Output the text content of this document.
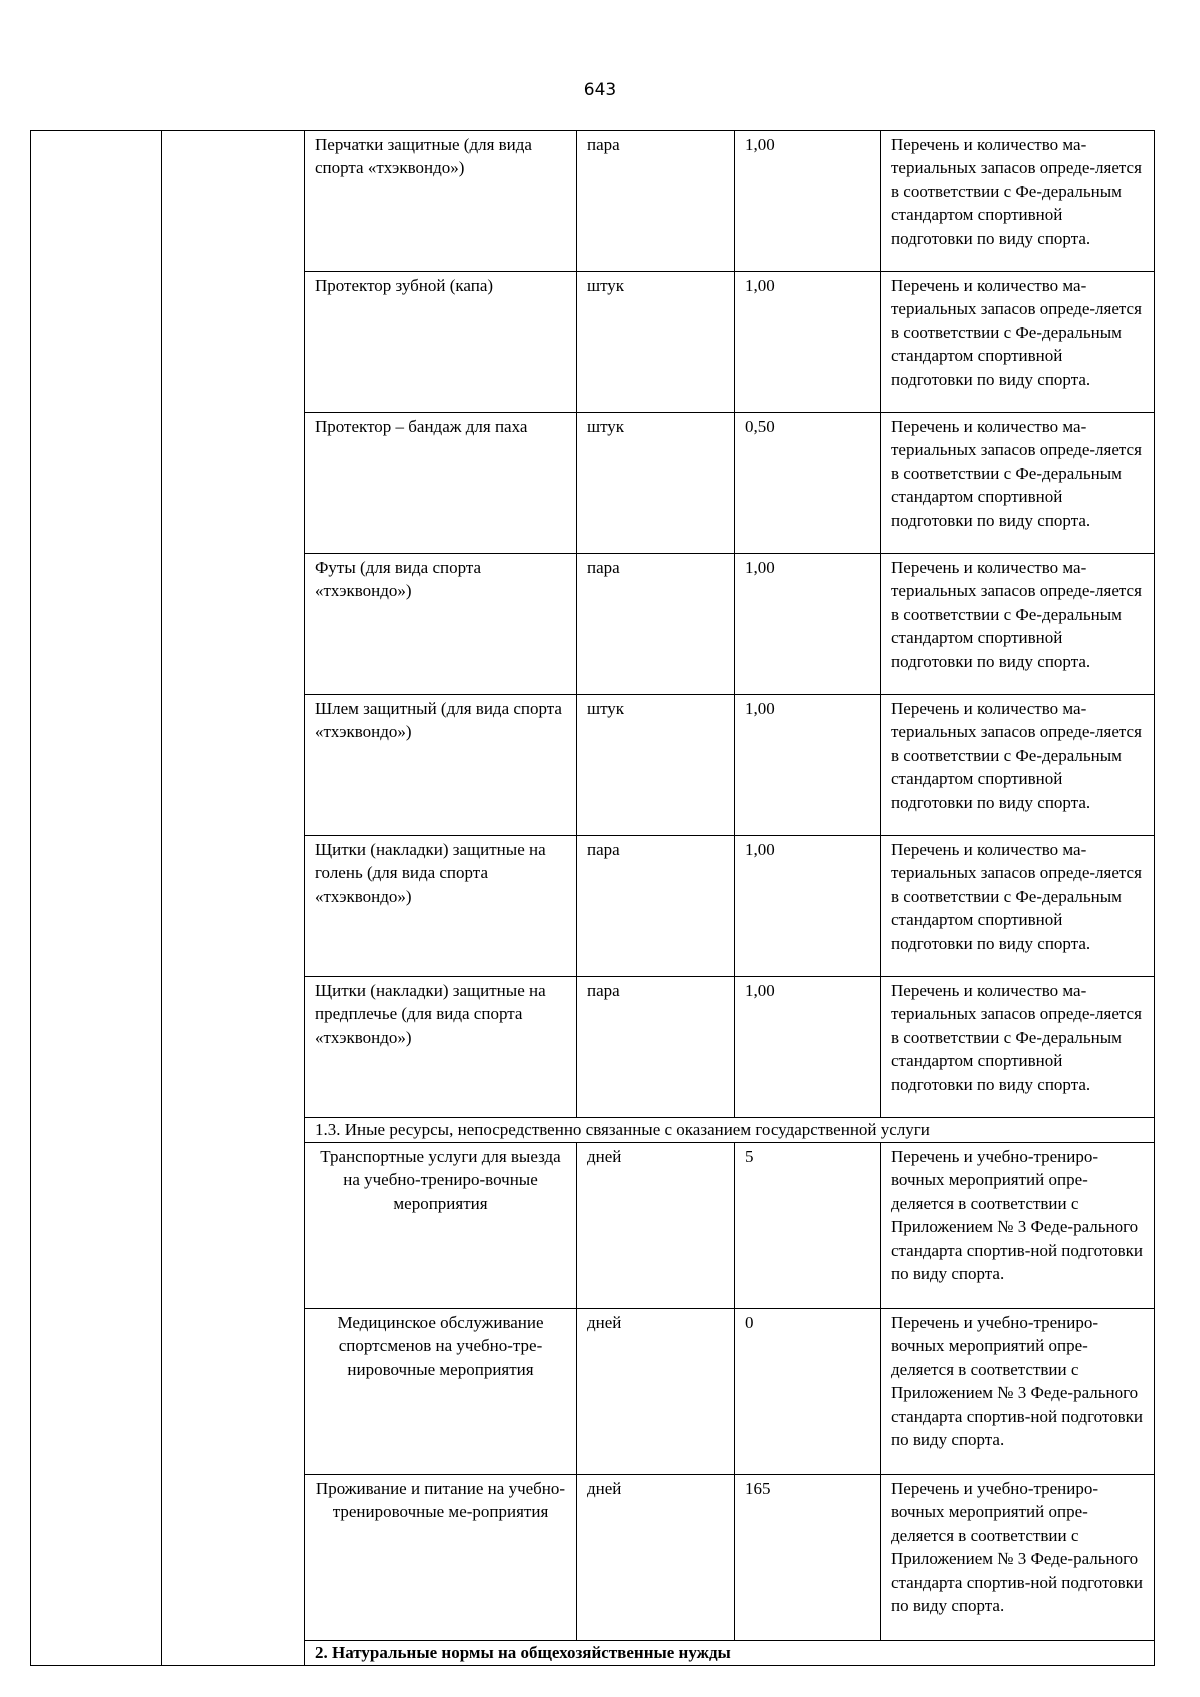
643
		Перчатки защитные (для вида спорта «тхэквондо»)	пара	1,00	Перечень и количество ма-териальных запасов опреде-ляется в соответствии с Фе-деральным стандартом спортивной подготовки по виду спорта.
		Протектор зубной (капа)	штук	1,00	Перечень и количество ма-териальных запасов опреде-ляется в соответствии с Фе-деральным стандартом спортивной подготовки по виду спорта.
		Протектор – бандаж для паха	штук	0,50	Перечень и количество ма-териальных запасов опреде-ляется в соответствии с Фе-деральным стандартом спортивной подготовки по виду спорта.
		Футы (для вида спорта «тхэквондо»)	пара	1,00	Перечень и количество ма-териальных запасов опреде-ляется в соответствии с Фе-деральным стандартом спортивной подготовки по виду спорта.
		Шлем защитный (для вида спорта «тхэквондо»)	штук	1,00	Перечень и количество ма-териальных запасов опреде-ляется в соответствии с Фе-деральным стандартом спортивной подготовки по виду спорта.
		Щитки (накладки) защитные на голень (для вида спорта «тхэквондо»)	пара	1,00	Перечень и количество ма-териальных запасов опреде-ляется в соответствии с Фе-деральным стандартом спортивной подготовки по виду спорта.
		Щитки (накладки) защитные на предплечье (для вида спорта «тхэквондо»)	пара	1,00	Перечень и количество ма-териальных запасов опреде-ляется в соответствии с Фе-деральным стандартом спортивной подготовки по виду спорта.
		1.3. Иные ресурсы, непосредственно связанные с оказанием государственной услуги			
		Транспортные услуги для выезда на учебно-трениро-вочные мероприятия	дней	5	Перечень и учебно-трениро-вочных мероприятий опре-деляется в соответствии с Приложением № 3 Феде-рального стандарта спортив-ной подготовки по виду спорта.
		Медицинское обслуживание спортсменов на учебно-тре-нировочные мероприятия	дней	0	Перечень и учебно-трениро-вочных мероприятий опре-деляется в соответствии с Приложением № 3 Феде-рального стандарта спортив-ной подготовки по виду спорта.
		Проживание и питание на учебно-тренировочные ме-роприятия	дней	165	Перечень и учебно-трениро-вочных мероприятий опре-деляется в соответствии с Приложением № 3 Феде-рального стандарта спортив-ной подготовки по виду спорта.
		2. Натуральные нормы на общехозяйственные нужды			
